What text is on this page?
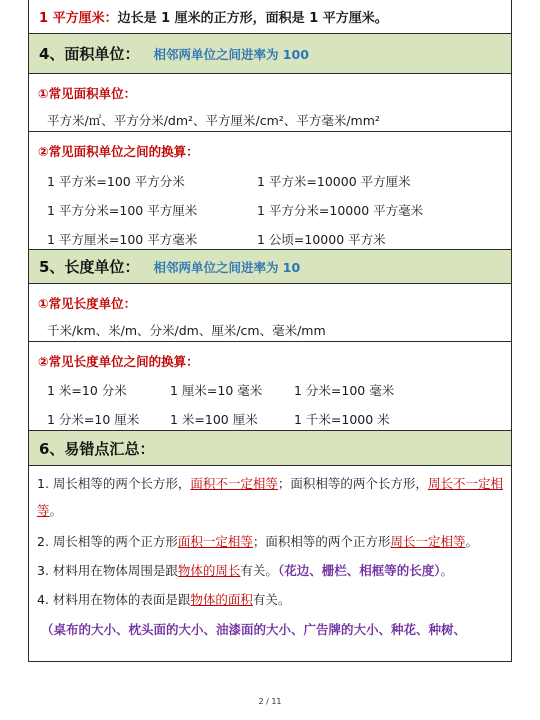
1 平方厘米： 边长是 1 厘米的正方形，面积是 1 平方厘米。
4、面积单位： 相邻两单位之间进率为 100
①常见面积单位：
平方米/㎡、平方分米/dm²、平方厘米/cm²、平方毫米/mm²
②常见面积单位之间的换算：
1 平方米=100 平方分米	1 平方米=10000 平方厘米
1 平方分米=100 平方厘米	1 平方分米=10000 平方毫米
1 平方厘米=100 平方毫米	1 公顷=10000 平方米
5、长度单位： 相邻两单位之间进率为 10
①常见长度单位：
千米/km、米/m、分米/dm、厘米/cm、毫米/mm
②常见长度单位之间的换算：
1 米=10 分米	1 厘米=10 毫米	1 分米=100 毫米
1 分米=10 厘米	1 米=100 厘米	1 千米=1000 米
6、易错点汇总：
1. 周长相等的两个长方形，面积不一定相等；面积相等的两个长方形，周长不一定相等。
2. 周长相等的两个正方形面积一定相等；面积相等的两个正方形周长一定相等。
3. 材料用在物体周围是跟物体的周长有关。（花边、栅栏、相框等的长度）。
4. 材料用在物体的表面是跟物体的面积有关。
（桌布的大小、枕头面的大小、油漆面的大小、广告牌的大小、种花、种树、
2 / 11
